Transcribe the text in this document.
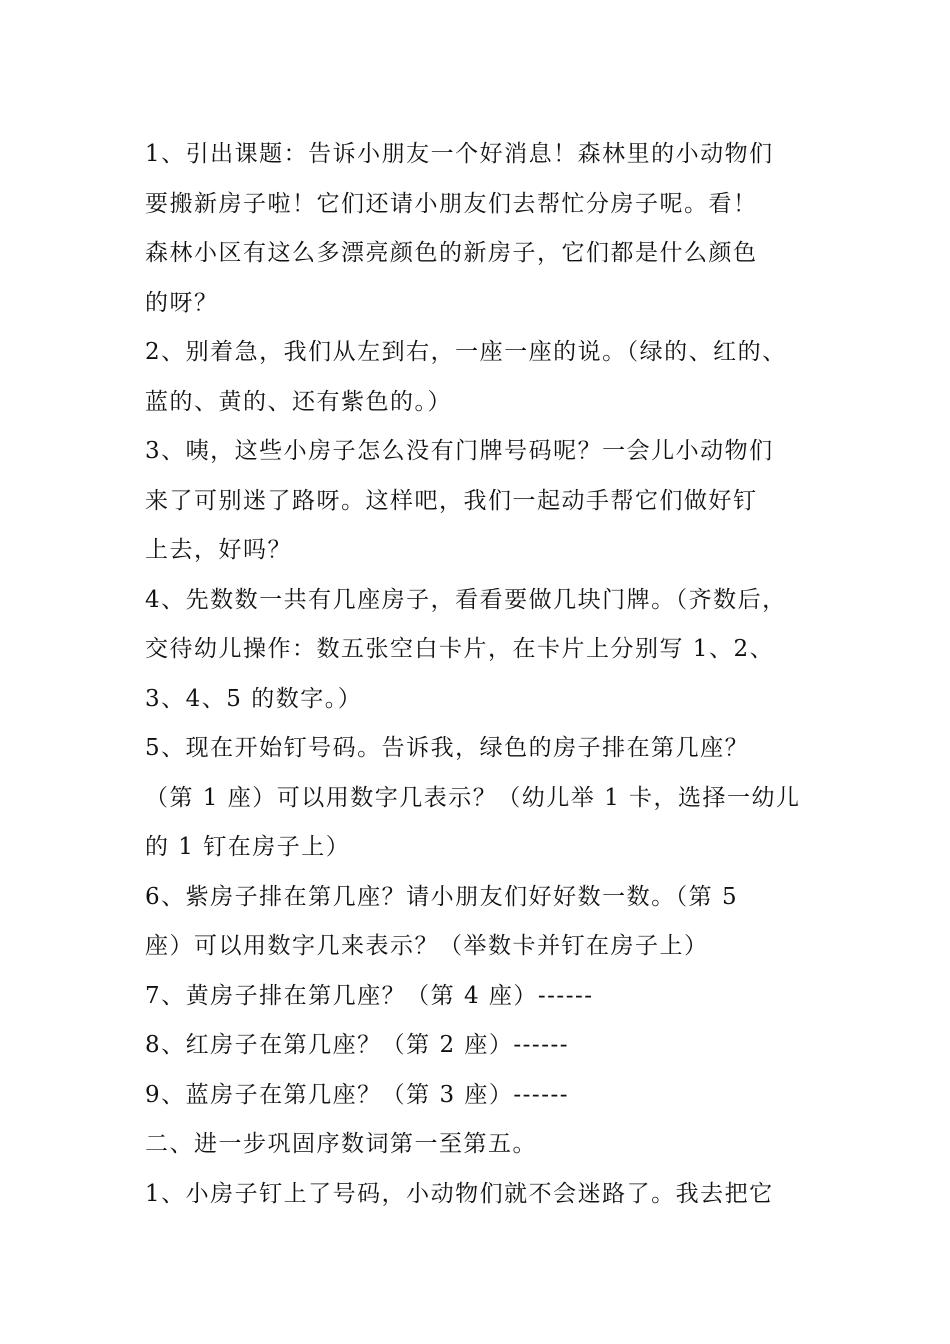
1、引出课题：告诉小朋友一个好消息！森林里的小动物们
要搬新房子啦！它们还请小朋友们去帮忙分房子呢。看！
森林小区有这么多漂亮颜色的新房子，它们都是什么颜色
的呀？
2、别着急，我们从左到右，一座一座的说。（绿的、红的、
蓝的、黄的、还有紫色的。）
3、咦，这些小房子怎么没有门牌号码呢？一会儿小动物们
来了可别迷了路呀。这样吧，我们一起动手帮它们做好钉
上去，好吗？
4、先数数一共有几座房子，看看要做几块门牌。（齐数后，
交待幼儿操作：数五张空白卡片，在卡片上分别写 1、2、
3、4、5 的数字。）
5、现在开始钉号码。告诉我，绿色的房子排在第几座？
（第 1 座）可以用数字几表示？（幼儿举 1 卡，选择一幼儿
的 1 钉在房子上）
6、紫房子排在第几座？请小朋友们好好数一数。（第 5
座）可以用数字几来表示？（举数卡并钉在房子上）
7、黄房子排在第几座？（第 4 座）------
8、红房子在第几座？（第 2 座）------
9、蓝房子在第几座？（第 3 座）------
二、进一步巩固序数词第一至第五。
1、小房子钉上了号码，小动物们就不会迷路了。我去把它
